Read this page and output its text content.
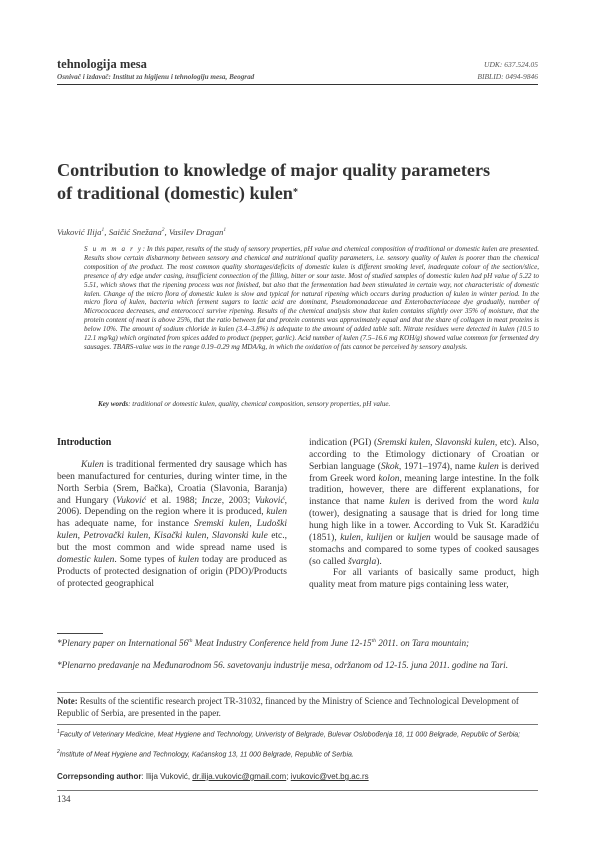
tehnologija mesa
Osnivač i izdavač: Institut za higijenu i tehnologiju mesa, Beograd
UDK: 637.524.05
BIBLID: 0494-9846
Contribution to knowledge of major quality parameters
of traditional (domestic) kulen*
Vuković Ilija$^1$, Saičić Snežana$^2$, Vasilev Dragan$^1$
S u m m a r y: In this paper, results of the study of sensory properties, pH value and chemical composition of traditional or domestic kulen are presented. Results show certain disharmony between sensory and chemical and nutritional quality parameters, i.e. sensory quality of kulen is poorer than the chemical composition of the product. The most common quality shortages/deficits of domestic kulen is different smoking level, inadequate colour of the section/slice, presence of dry edge under casing, insufficient connection of the filling, bitter or sour taste. Most of studied samples of domestic kulen had pH value of 5.22 to 5.51, which shows that the ripening process was not finished, but also that the fermentation had been stimulated in certain way, not characteristic of domestic kulen. Change of the micro flora of domestic kulen is slow and typical for natural ripening which occurs during production of kulen in winter period. In the micro flora of kulen, bacteria which ferment sugars to lactic acid are dominant, Pseudomonadaceae and Enterobacteriaceae dye gradually, number of Micrococacea decreases, and enterococci survive ripening. Results of the chemical analysis show that kulen contains slightly over 35% of moisture, that the protein content of meat is above 25%, that the ratio between fat and protein contents was approximately equal and that the share of collagen in meat proteins is below 10%. The amount of sodium chloride in kulen (3.4–3.8%) is adequate to the amount of added table salt. Nitrate residues were detected in kulen (10.5 to 12.1 mg/kg) which orginated from spices added to product (pepper, garlic). Acid number of kulen (7.5–16.6 mg KOH/g) showed value common for fermented dry sausages. TBARS-value was in the range 0.19–0.29 mg MDA/kg, in which the oxidation of fats cannot be perceived by sensory analysis.
Key words: traditional or domestic kulen, quality, chemical composition, sensory properties, pH value.
Introduction

Kulen is traditional fermented dry sausage which has been manufactured for centuries, during winter time, in the North Serbia (Srem, Bačka), Croatia (Slavonia, Baranja) and Hungary (Vuković et al. 1988; Incze, 2003; Vuković, 2006). Depending on the region where it is produced, kulen has adequate name, for instance Sremski kulen, Ludoški kulen, Petrovački kulen, Kisački kulen, Slavonski kule etc., but the most common and wide spread name used is domestic kulen. Some types of kulen today are produced as Products of protected designation of origin (PDO)/Products of protected geographical

indication (PGI) (Sremski kulen, Slavonski kulen, etc). Also, according to the Etimology dictionary of Croatian or Serbian language (Skok, 1971–1974), name kulen is derived from Greek word kolon, meaning large intestine. In the folk tradition, however, there are different explanations, for instance that name kulen is derived from the word kula (tower), designating a sausage that is dried for long time hung high like in a tower. According to Vuk St. Karadžiću (1851), kulen, kulijen or kuljen would be sausage made of stomachs and compared to some types of cooked sausages (so called švargla).

For all variants of basically same product, high quality meat from mature pigs containing less water,

*Plenary paper on International 56th Meat Industry Conference held from June 12-15th 2011. on Tara mountain;
*Plenarno predavanje na Međunarodnom 56. savetovanju industrije mesa, održanom od 12-15. juna 2011. godine na Tari.
Note: Results of the scientific research project TR-31032, financed by the Ministry of Science and Technological Development of Republic of Serbia, are presented in the paper.
$^1$Faculty of Veterinary Medicine, Meat Hygiene and Technology, Univeristy of Belgrade, Bulevar Oslobođenja 18, 11 000 Belgrade, Republic of Serbia;
$^2$Institute of Meat Hygiene and Technology, Kaćanskog 13, 11 000 Belgrade, Republic of Serbia.
Correpsonding author: Ilija Vuković, dr.ilija.vukovic@gmail.com; ivukovic@vet.bg.ac.rs
134
